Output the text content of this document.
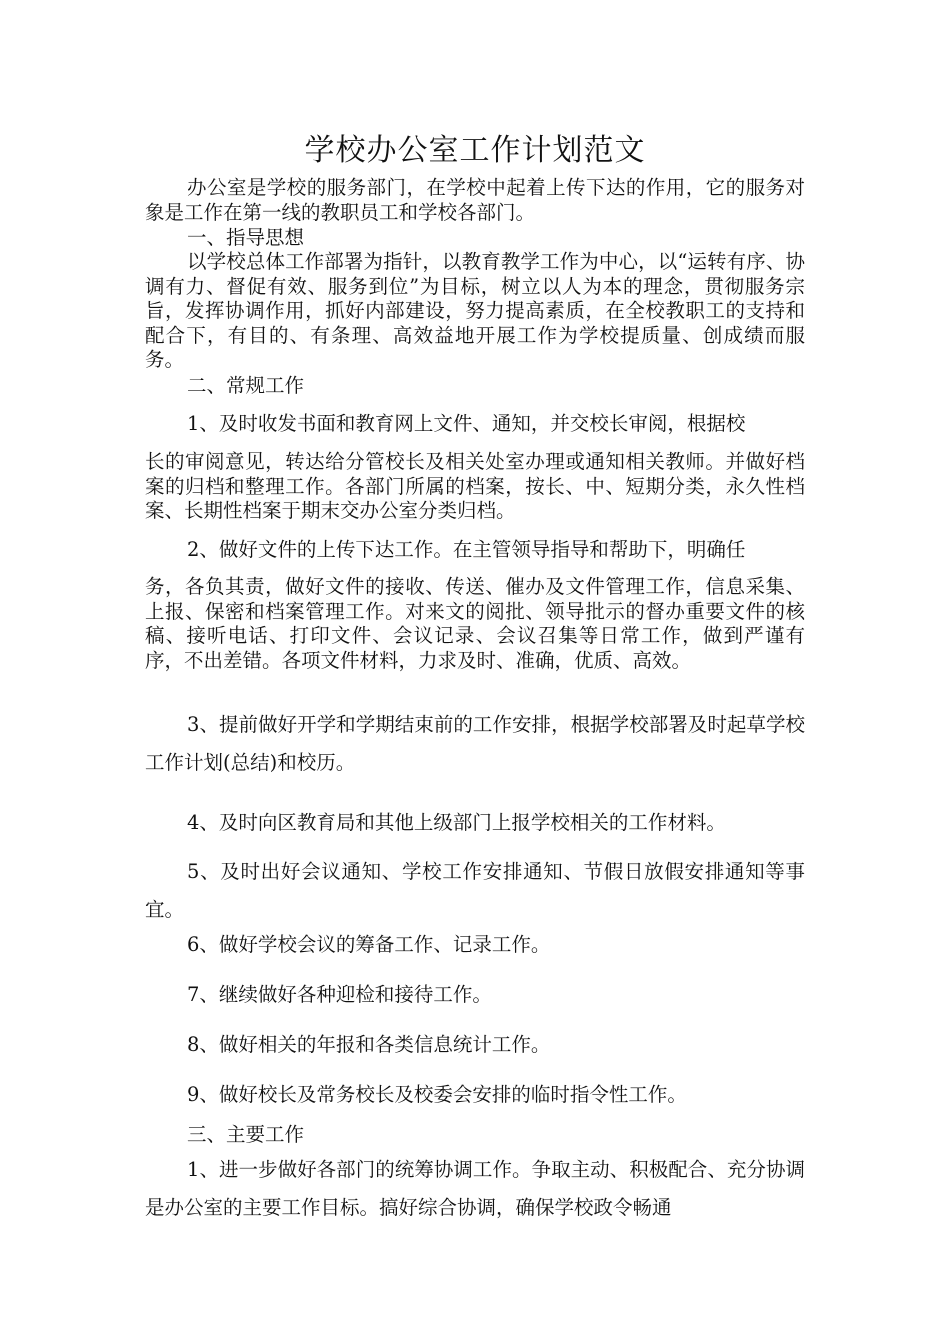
学校办公室工作计划范文

办公室是学校的服务部门，在学校中起着上传下达的作用，它的服务对象是工作在第一线的教职员工和学校各部门。

一、指导思想

以学校总体工作部署为指针，以教育教学工作为中心，以“运转有序、协调有力、督促有效、服务到位”为目标，树立以人为本的理念，贯彻服务宗旨，发挥协调作用，抓好内部建设，努力提高素质，在全校教职工的支持和配合下，有目的、有条理、高效益地开展工作为学校提质量、创成绩而服务。

二、常规工作

1、及时收发书面和教育网上文件、通知，并交校长审阅，根据校

长的审阅意见，转达给分管校长及相关处室办理或通知相关教师。并做好档案的归档和整理工作。各部门所属的档案，按长、中、短期分类，永久性档案、长期性档案于期末交办公室分类归档。

2、做好文件的上传下达工作。在主管领导指导和帮助下，明确任

务，各负其责，做好文件的接收、传送、催办及文件管理工作，信息采集、上报、保密和档案管理工作。对来文的阅批、领导批示的督办重要文件的核稿、接听电话、打印文件、会议记录、会议召集等日常工作，做到严谨有序，不出差错。各项文件材料，力求及时、准确，优质、高效。

3、提前做好开学和学期结束前的工作安排，根据学校部署及时起草学校工作计划(总结)和校历。

4、及时向区教育局和其他上级部门上报学校相关的工作材料。

5、及时出好会议通知、学校工作安排通知、节假日放假安排通知等事宜。

6、做好学校会议的筹备工作、记录工作。

7、继续做好各种迎检和接待工作。

8、做好相关的年报和各类信息统计工作。

9、做好校长及常务校长及校委会安排的临时指令性工作。

三、主要工作

1、进一步做好各部门的统筹协调工作。争取主动、积极配合、充分协调是办公室的主要工作目标。搞好综合协调，确保学校政令畅通
